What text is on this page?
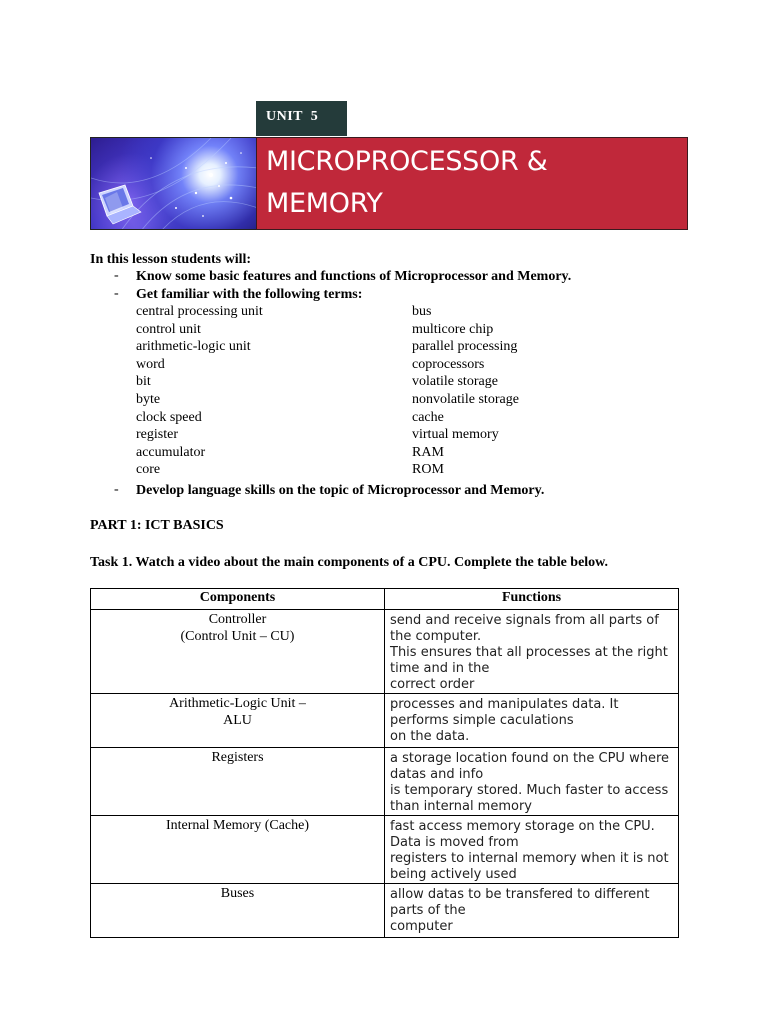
UNIT  5
MICROPROCESSOR &
MEMORY
In this lesson students will:
- Know some basic features and functions of Microprocessor and Memory.
- Get familiar with the following terms:
central processing unit
control unit
arithmetic-logic unit
word
bit
byte
clock speed
register
accumulator
core
bus
multicore chip
parallel processing
coprocessors
volatile storage
nonvolatile storage
cache
virtual memory
RAM
ROM
- Develop language skills on the topic of Microprocessor and Memory.
PART 1: ICT BASICS
Task 1. Watch a video about the main components of a CPU. Complete the table below.
Components	Functions

Controller
(Control Unit – CU)	send and receive signals from all parts of the computer.
This ensures that all processes at the right time and in the
correct order

Arithmetic-Logic Unit –
ALU	processes and manipulates data. It performs simple caculations
on the data.

Registers	a storage location found on the CPU where datas and info
is temporary stored. Much faster to access than internal memory

Internal Memory (Cache)	fast access memory storage on the CPU. Data is moved from
registers to internal memory when it is not being actively used

Buses	allow datas to be transfered to different parts of the
computer
